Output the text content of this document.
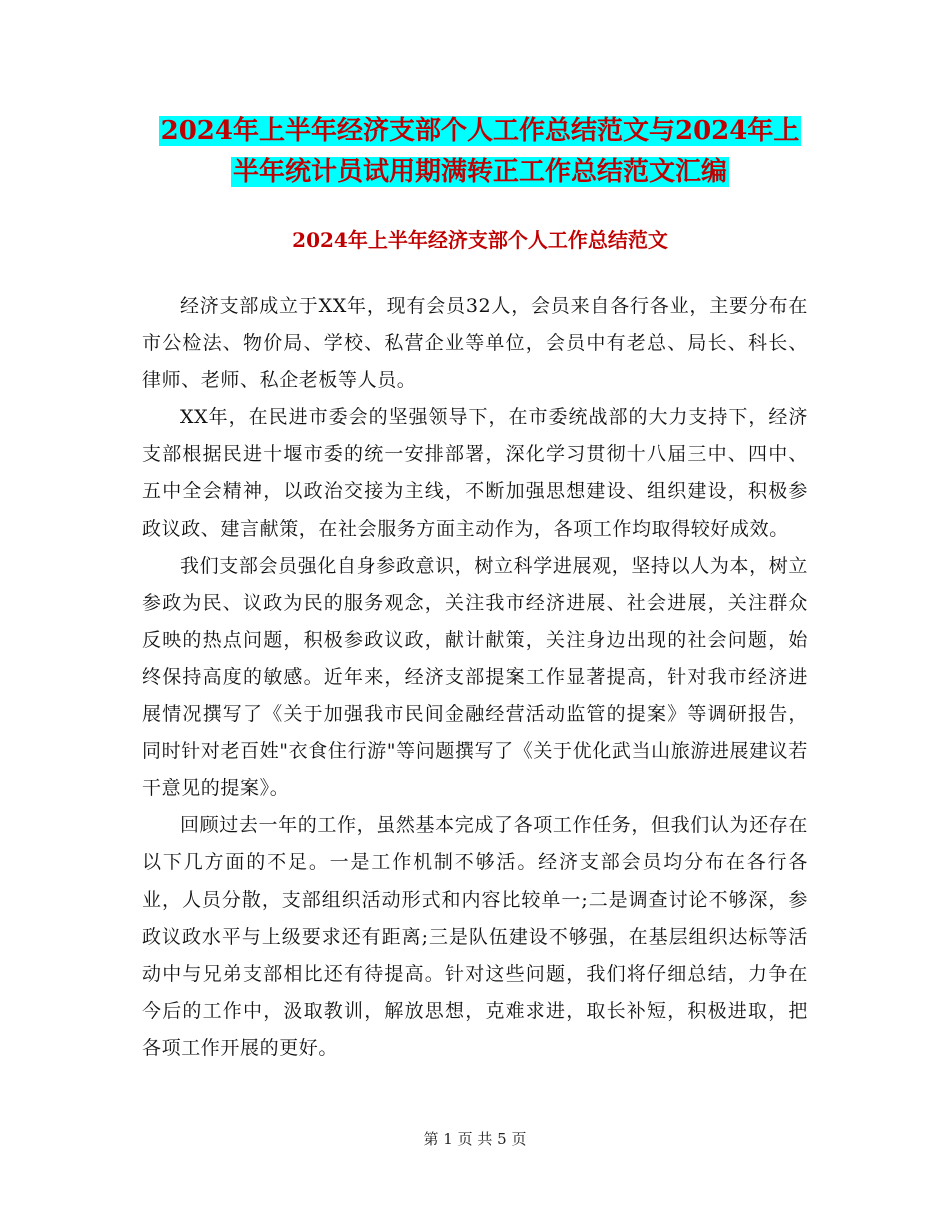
2024年上半年经济支部个人工作总结范文与2024年上
半年统计员试用期满转正工作总结范文汇编
2024年上半年经济支部个人工作总结范文

经济支部成立于XX年，现有会员32人，会员来自各行各业，主要分布在市公检法、物价局、学校、私营企业等单位，会员中有老总、局长、科长、律师、老师、私企老板等人员。

XX年，在民进市委会的坚强领导下，在市委统战部的大力支持下，经济支部根据民进十堰市委的统一安排部署，深化学习贯彻十八届三中、四中、五中全会精神，以政治交接为主线，不断加强思想建设、组织建设，积极参政议政、建言献策，在社会服务方面主动作为，各项工作均取得较好成效。

我们支部会员强化自身参政意识，树立科学进展观，坚持以人为本，树立参政为民、议政为民的服务观念，关注我市经济进展、社会进展，关注群众反映的热点问题，积极参政议政，献计献策，关注身边出现的社会问题，始终保持高度的敏感。近年来，经济支部提案工作显著提高，针对我市经济进展情况撰写了《关于加强我市民间金融经营活动监管的提案》等调研报告，同时针对老百姓"衣食住行游"等问题撰写了《关于优化武当山旅游进展建议若干意见的提案》。

回顾过去一年的工作，虽然基本完成了各项工作任务，但我们认为还存在以下几方面的不足。一是工作机制不够活。经济支部会员均分布在各行各业，人员分散，支部组织活动形式和内容比较单一;二是调查讨论不够深，参政议政水平与上级要求还有距离;三是队伍建设不够强，在基层组织达标等活动中与兄弟支部相比还有待提高。针对这些问题，我们将仔细总结，力争在今后的工作中，汲取教训，解放思想，克难求进，取长补短，积极进取，把各项工作开展的更好。

第 1 页 共 5 页
